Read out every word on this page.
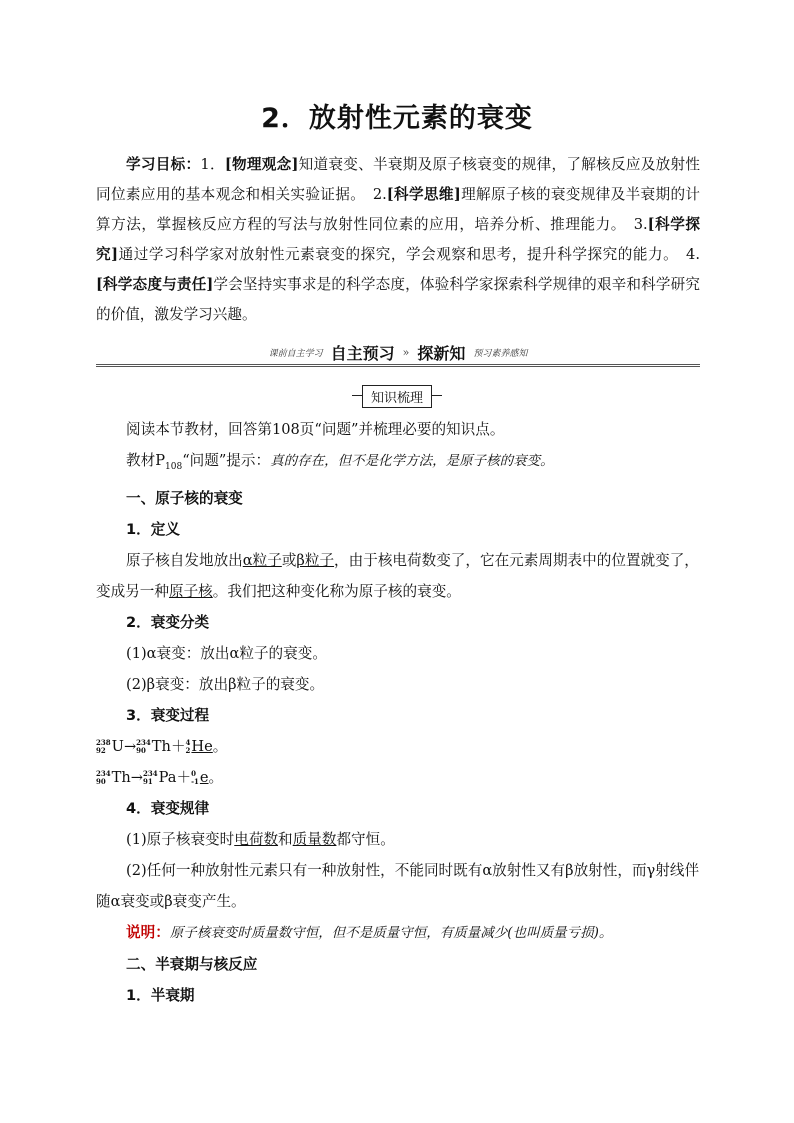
2．放射性元素的衰变
学习目标：1．[物理观念]知道衰变、半衰期及原子核衰变的规律，了解核反应及放射性同位素应用的基本观念和相关实验证据。　2.[科学思维]理解原子核的衰变规律及半衰期的计算方法，掌握核反应方程的写法与放射性同位素的应用，培养分析、推理能力。　3.[科学探究]通过学习科学家对放射性元素衰变的探究，学会观察和思考，提升科学探究的能力。　4.[科学态度与责任]学会坚持实事求是的科学态度，体验科学家探索科学规律的艰辛和科学研究的价值，激发学习兴趣。
课前自主学习 自主预习 » 探新知 预习素养感知
知识梳理

阅读本节教材，回答第108页“问题”并梳理必要的知识点。

教材$P_{108}“$问题”提示：真的存在，但不是化学方法，是原子核的衰变。

一、原子核的衰变

1．定义

原子核自发地放出α粒子或β粒子，由于核电荷数变了，它在元素周期表中的位置就变了，变成另一种原子核。我们把这种变化称为原子核的衰变。

2．衰变分类

(1)α衰变：放出α粒子的衰变。

(2)β衰变：放出β粒子的衰变。

3．衰变过程

238
92 U→ 234
90 Th＋ 4
2 He。

234
90 Th→ 234
91 Pa＋ 0
-1 e。

4．衰变规律

(1)原子核衰变时电荷数和质量数都守恒。

(2)任何一种放射性元素只有一种放射性，不能同时既有α放射性又有β放射性，而γ射线伴随α衰变或β衰变产生。

说明：原子核衰变时质量数守恒，但不是质量守恒，有质量减少(也叫质量亏损)。

二、半衰期与核反应

1．半衰期
